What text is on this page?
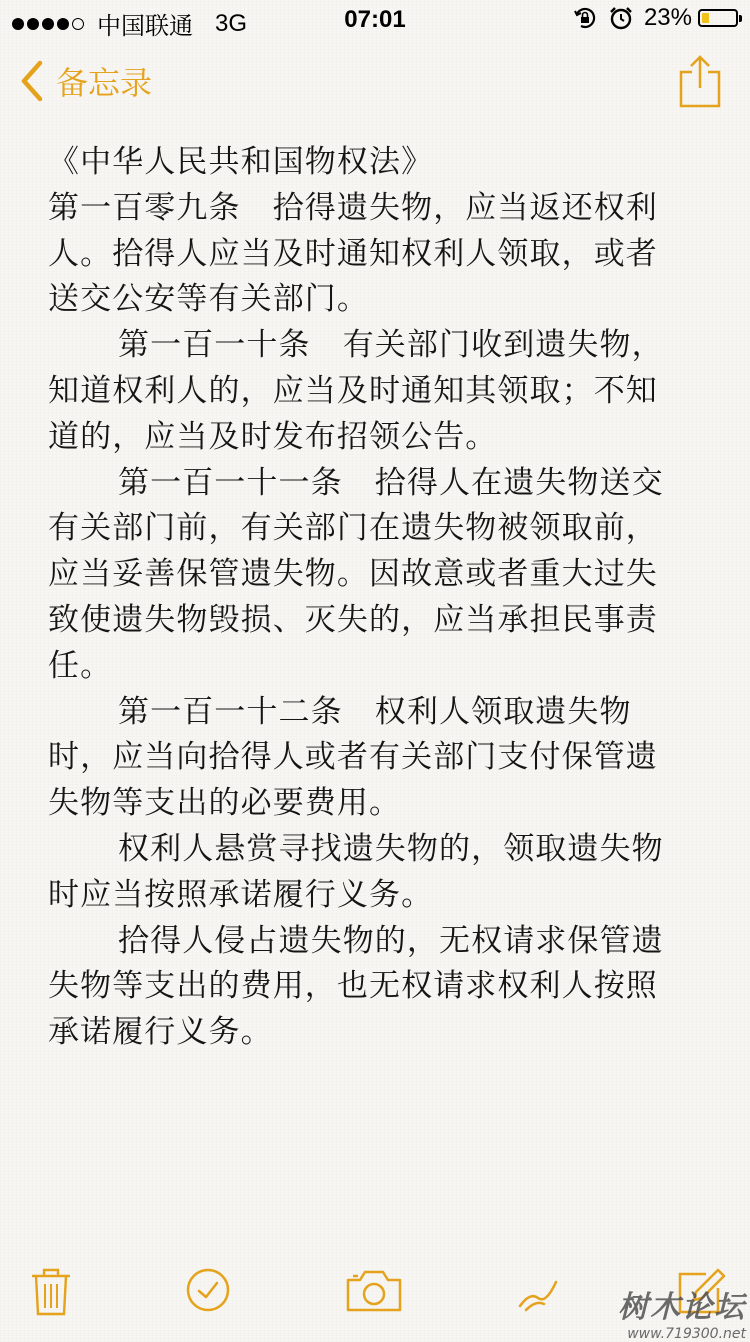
中国联通 3G	07:01	23%
备忘录

《中华人民共和国物权法》

第一百零九条　拾得遗失物，应当返还权利人。拾得人应当及时通知权利人领取，或者送交公安等有关部门。

第一百一十条　有关部门收到遗失物，知道权利人的，应当及时通知其领取；不知道的，应当及时发布招领公告。

第一百一十一条　拾得人在遗失物送交有关部门前，有关部门在遗失物被领取前，应当妥善保管遗失物。因故意或者重大过失致使遗失物毁损、灭失的，应当承担民事责任。

第一百一十二条　权利人领取遗失物时，应当向拾得人或者有关部门支付保管遗失物等支出的必要费用。

权利人悬赏寻找遗失物的，领取遗失物时应当按照承诺履行义务。

拾得人侵占遗失物的，无权请求保管遗失物等支出的费用，也无权请求权利人按照承诺履行义务。

树木论坛
www.719300.net
